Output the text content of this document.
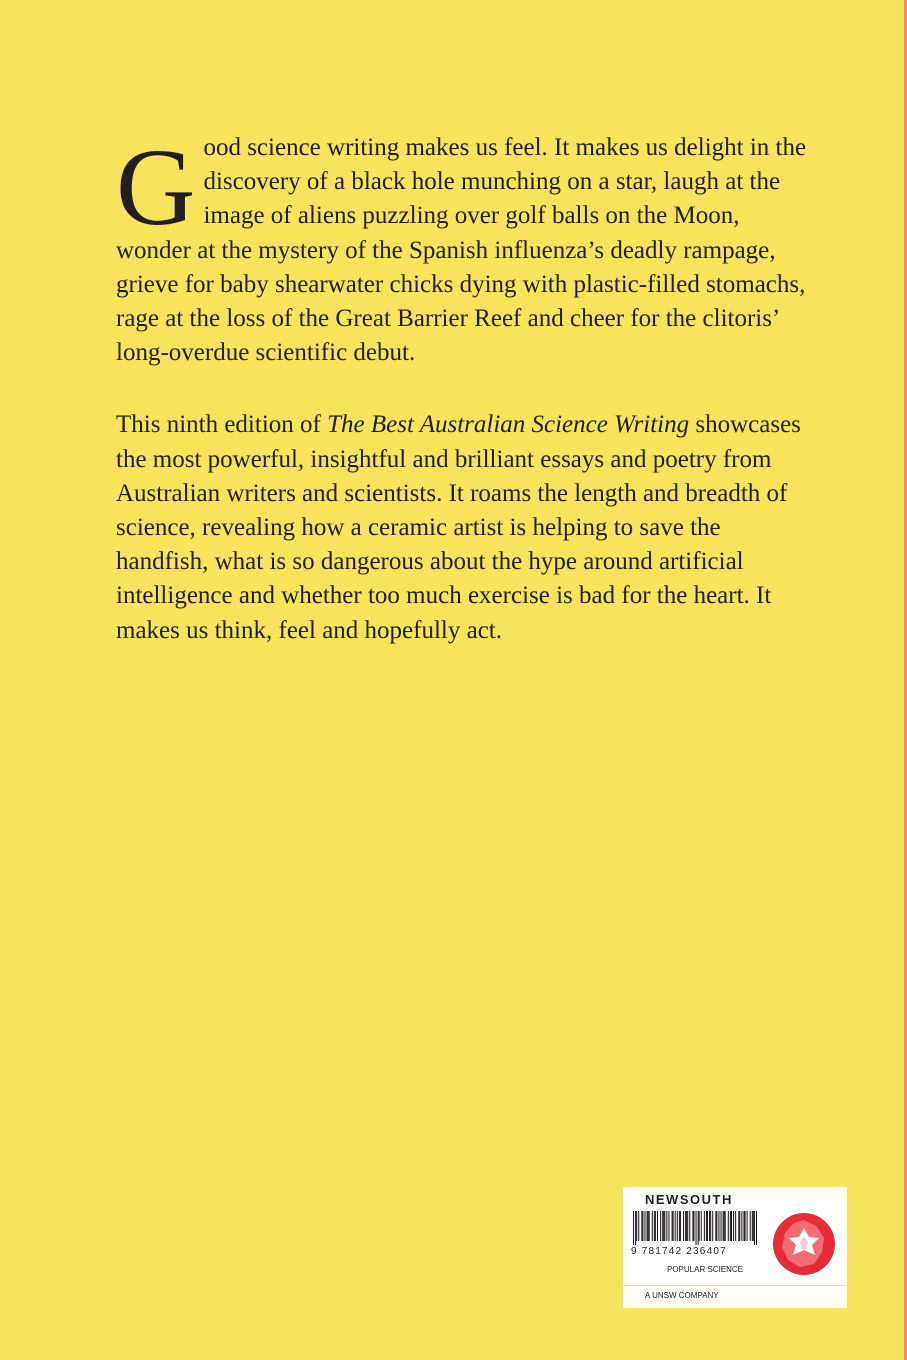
Good science writing makes us feel. It makes us delight in the discovery of a black hole munching on a star, laugh at the image of aliens puzzling over golf balls on the Moon, wonder at the mystery of the Spanish influenza’s deadly rampage, grieve for baby shearwater chicks dying with plastic-filled stomachs, rage at the loss of the Great Barrier Reef and cheer for the clitoris’ long-overdue scientific debut.

This ninth edition of The Best Australian Science Writing showcases the most powerful, insightful and brilliant essays and poetry from Australian writers and scientists. It roams the length and breadth of science, revealing how a ceramic artist is helping to save the handfish, what is so dangerous about the hype around artificial intelligence and whether too much exercise is bad for the heart. It makes us think, feel and hopefully act.

NEWSOUTH
9 781742 236407
POPULAR SCIENCE
A UNSW COMPANY
